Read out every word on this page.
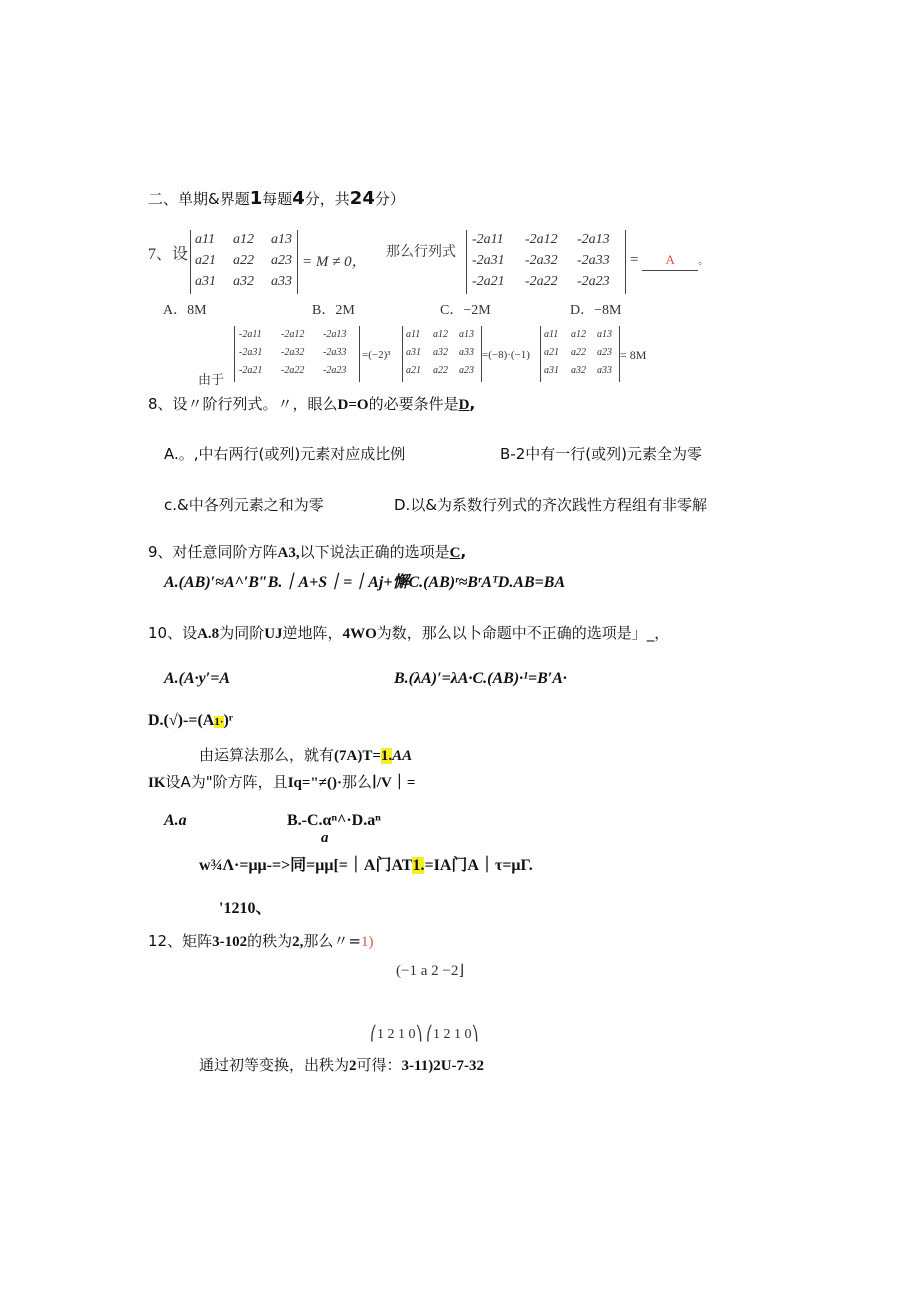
二、单期&界题1每题4分，共24分）
7、设
a11 a12 a13
a21 a22 a23
a31 a32 a33
= M ≠ 0，
那么行列式
-2a11 -2a12 -2a13
-2a31 -2a32 -2a33
-2a21 -2a22 -2a23
= A 。
A．8M	B．2M	C．−2M	D．−8M
由于
-2a11 -2a12 -2a13
-2a31 -2a32 -2a33
-2a21 -2a22 -2a23
=(−2)³
a11 a12 a13
a31 a32 a33
a21 a22 a23
=(−8)·(−1)
a11 a12 a13
a21 a22 a23
a31 a32 a33
= 8M
8、设〃阶行列式。〃，眼么D=O的必要条件是D,
A.。,中右两行(或列)元素对应成比例	B-2中有一行(或列)元素全为零
c.&中各列元素之和为零	D.以&为系数行列式的齐次践性方程组有非零解
9、对任意同阶方阵A3,以下说法正确的选项是C,
A.(AB)′≈A^′B″B.｜A+S｜=｜Aj+懈C.(AB)ʳ≈BʳAᵀD.AB=BA
10、设A.8为同阶UJ逆地阵，4WO为数，那么以卜命题中不正确的选项是」_，
A.(A·y′=A	B.(λA)′=λA·C.(AB)·¹=B′A·
D.(√)-=(A1·)ʳ
由运算法那么，就有(7A)T=1.AA
IK设A为"阶方阵，且Iq="≠()·那么∣/V｜=
A.a	B.-C.αⁿ^·D.aⁿ
a
w¾Λ·=μμ-=>同=μμ[=｜A门AT1.=IA门A｜τ=μΓ.
'1210、
12、矩阵3-102的秩为2,那么〃=1)
(−1 a 2 −2⌋
⎛1 2 1 0⎞ ⎛1 2 1 0⎞
通过初等变换，出秩为2可得：3-11)2U-7-32
